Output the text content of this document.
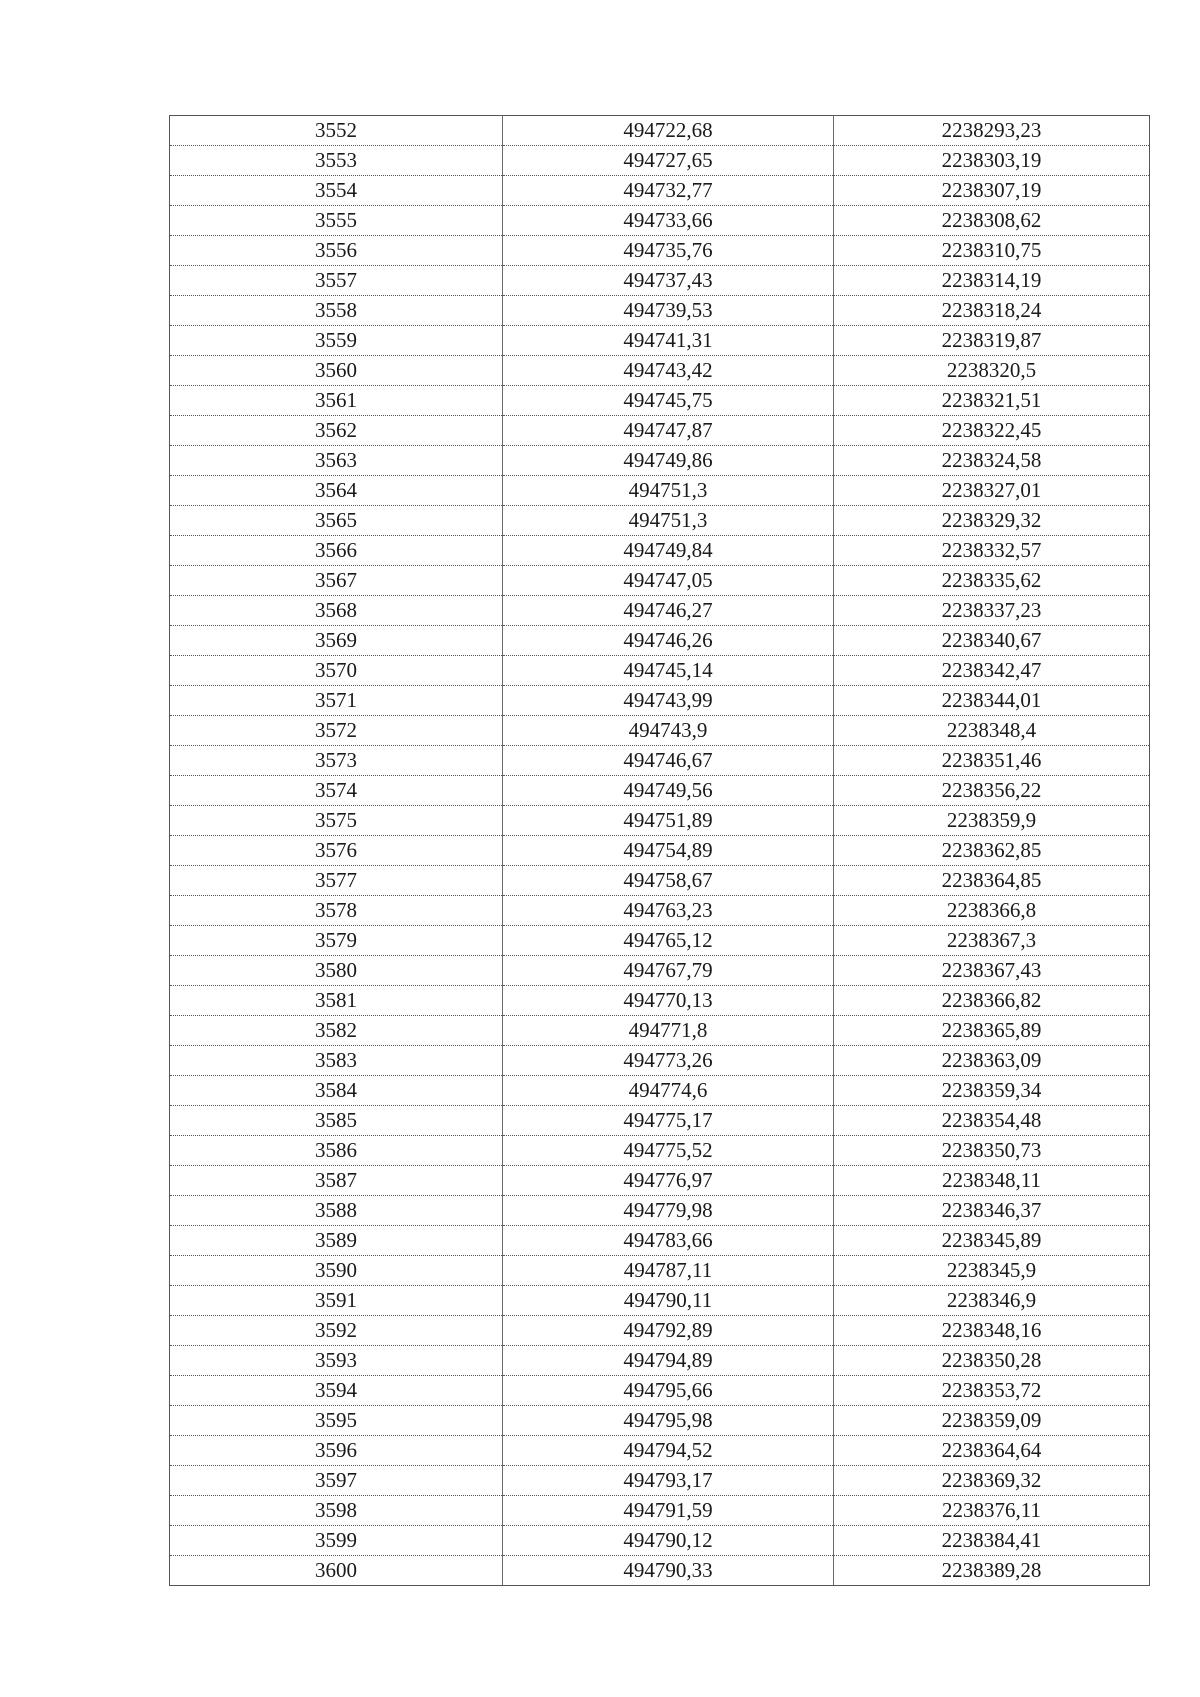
3552	494722,68	2238293,23
3553	494727,65	2238303,19
3554	494732,77	2238307,19
3555	494733,66	2238308,62
3556	494735,76	2238310,75
3557	494737,43	2238314,19
3558	494739,53	2238318,24
3559	494741,31	2238319,87
3560	494743,42	2238320,5
3561	494745,75	2238321,51
3562	494747,87	2238322,45
3563	494749,86	2238324,58
3564	494751,3	2238327,01
3565	494751,3	2238329,32
3566	494749,84	2238332,57
3567	494747,05	2238335,62
3568	494746,27	2238337,23
3569	494746,26	2238340,67
3570	494745,14	2238342,47
3571	494743,99	2238344,01
3572	494743,9	2238348,4
3573	494746,67	2238351,46
3574	494749,56	2238356,22
3575	494751,89	2238359,9
3576	494754,89	2238362,85
3577	494758,67	2238364,85
3578	494763,23	2238366,8
3579	494765,12	2238367,3
3580	494767,79	2238367,43
3581	494770,13	2238366,82
3582	494771,8	2238365,89
3583	494773,26	2238363,09
3584	494774,6	2238359,34
3585	494775,17	2238354,48
3586	494775,52	2238350,73
3587	494776,97	2238348,11
3588	494779,98	2238346,37
3589	494783,66	2238345,89
3590	494787,11	2238345,9
3591	494790,11	2238346,9
3592	494792,89	2238348,16
3593	494794,89	2238350,28
3594	494795,66	2238353,72
3595	494795,98	2238359,09
3596	494794,52	2238364,64
3597	494793,17	2238369,32
3598	494791,59	2238376,11
3599	494790,12	2238384,41
3600	494790,33	2238389,28
